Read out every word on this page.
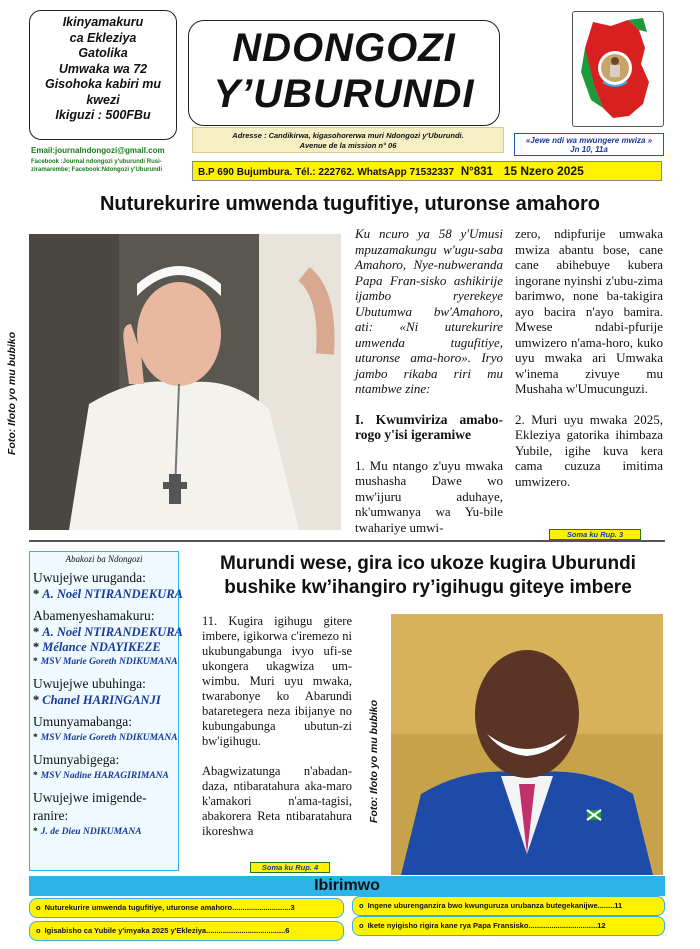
Ikinyamakuru
ca Ekleziya
Gatolika
Umwaka wa 72
Gisohoka kabiri mu
kwezi
Ikiguzi : 500FBu
Email:journalndongozi@gmail.com
Facebook :Journal ndongozi y'uburundi Rusi-ziramarembe; Facebook:Ndongozi y'Uburundi
NDONGOZI
Y’UBURUNDI
Adresse : Candikirwa, kigasohorerwa muri Ndongozi y'Uburundi.
Avenue de la mission n° 06
«Jewe ndi wa mwungere mwiza »
Jn 10, 11a
B.P 690 Bujumbura. Tél.: 222762. WhatsApp 71532337 N°831 15 Nzero 2025
Nuturekurire umwenda tugufitiye, uturonse amahoro
Foto: Ifoto yo mu bubiko

Ku ncuro ya 58 y'Umusi mpuzamakungu w'ugu-saba Amahoro, Nye-nubweranda Papa Fran-sisko ashikirije ijambo ryerekeye Ubutumwa bw'Amahoro, ati: «Ni uturekurire umwenda tugufitiye, uturonse ama-horo». Iryo jambo rikaba riri mu ntambwe zine:

I. Kwumviriza amabo-rogo y'isi igeramiwe

1. Mu ntango z'uyu mwaka mushasha Dawe wo mw'ijuru aduhaye, nk'umwanya wa Yu-bile twahariye umwi-

zero, ndipfurije umwaka mwiza abantu bose, cane cane abihebuye kubera ingorane nyinshi z'ubu-zima barimwo, none ba-takigira ayo bacira n'ayo bamira. Mwese ndabi-pfurije umwizero n'ama-horo, kuko uyu mwaka ari Umwaka w'inema zivuye mu Mushaha w'Umucunguzi.

2. Muri uyu mwaka 2025, Ekleziya gatorika ihimbaza Yubile, igihe kuva kera cama cuzuza imitima umwizero.

Soma ku Rup. 3
Abakozi ba Ndongozi
Uwujejwe uruganda:
* A. Noël NTIRANDEKURA
Abamenyeshamakuru:
* A. Noël NTIRANDEKURA
* Mélance NDAYIKEZE
* MSV Marie Goreth NDIKUMANA
Uwujejwe ubuhinga:
* Chanel HARINGANJI
Umunyamabanga:
* MSV Marie Goreth NDIKUMANA
Umunyabigega:
* MSV Nadine HARAGIRIMANA
Uwujejwe imigende-ranire:
* J. de Dieu NDIKUMANA
Murundi wese, gira ico ukoze kugira Uburundi
bushike kw’ihangiro ry’igihugu giteye imbere

11. Kugira igihugu gitere imbere, igikorwa c'iremezo ni ukubungabunga ivyo ufi-se ukongera ukagwiza um-wimbu. Muri uyu mwaka, twarabonye ko Abarundi bataretegera neza ibijanye no kubungabunga ubutun-zi bw'igihugu.

Abagwizatunga n'abadan-daza, ntibaratahura aka-maro k'amakori n'ama-tagisi, abakorera Reta ntibaratahura ikoreshwa

Foto: Ifoto yo mu bubiko
Soma ku Rup. 4
Ibirimwo
o Nuturekurire umwenda tugufitiye, uturonse amahoro............................3
o Igisabisho ca Yubile y'imyaka 2025 y'Ekleziya......................................6
o Ingene uburenganzira bwo kwunguruza urubanza butegekanijwe........11
o Ikete nyigisho rigira kane rya Papa Fransisko.................................12
